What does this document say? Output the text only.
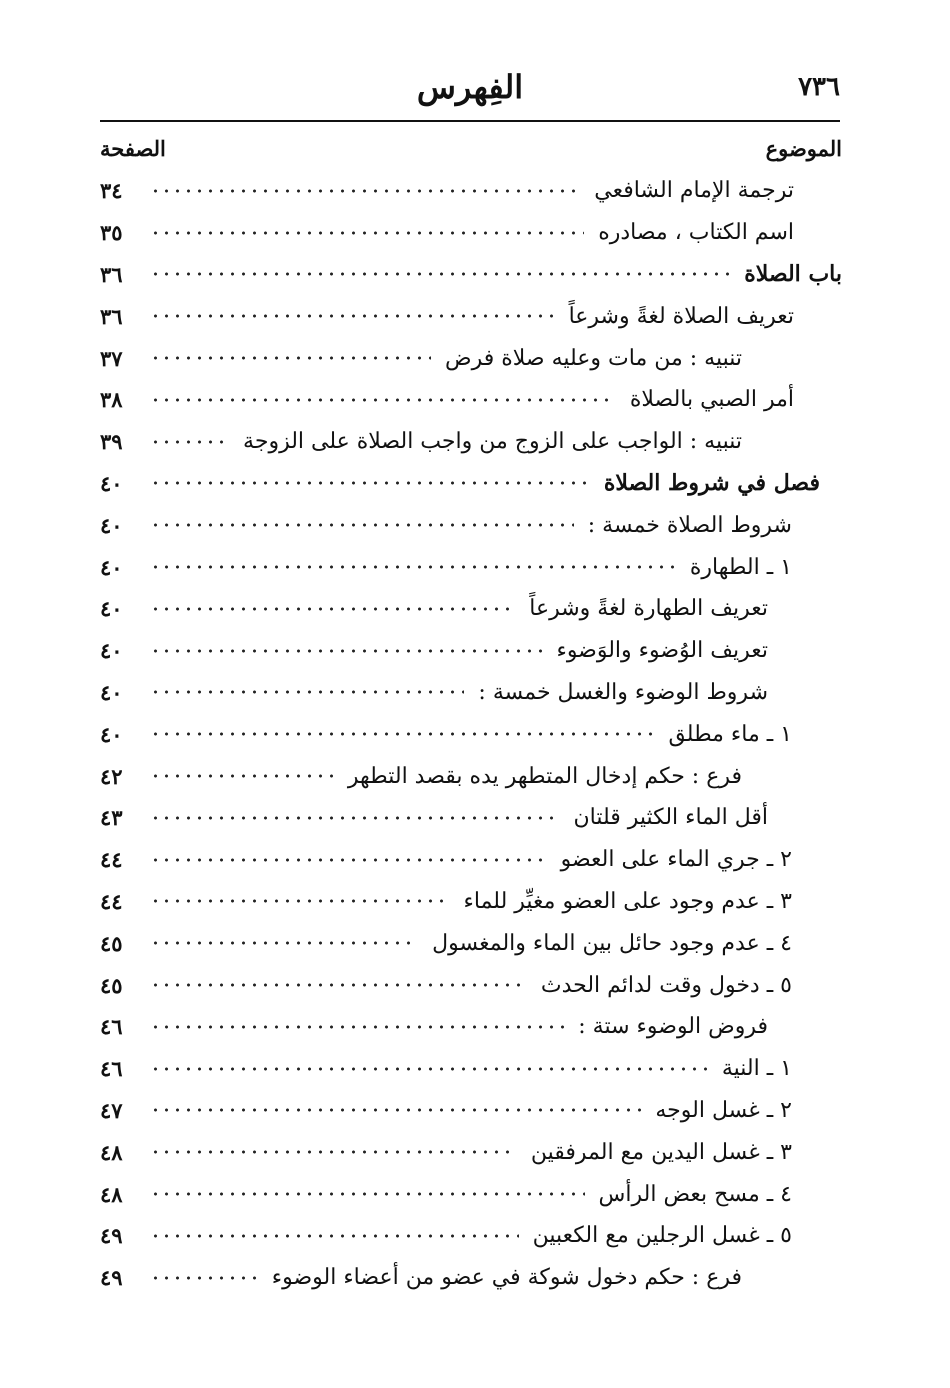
٧٣٦
الفِهرس
الموضوع
الصفحة
ترجمة الإمام الشافعي
٣٤
اسم الكتاب ، مصادره
٣٥
باب الصلاة
٣٦
تعريف الصلاة لغةً وشرعاً
٣٦
تنبيه : من مات وعليه صلاة فرض
٣٧
أمر الصبي بالصلاة
٣٨
تنبيه : الواجب على الزوج من واجب الصلاة على الزوجة
٣٩
فصل في شروط الصلاة
٤٠
شروط الصلاة خمسة :
٤٠
١ ـ الطهارة
٤٠
تعريف الطهارة لغةً وشرعاً
٤٠
تعريف الوُضوء والوَضوء
٤٠
شروط الوضوء والغسل خمسة :
٤٠
١ ـ ماء مطلق
٤٠
فرع : حكم إدخال المتطهر يده بقصد التطهر
٤٢
أقل الماء الكثير قلتان
٤٣
٢ ـ جري الماء على العضو
٤٤
٣ ـ عدم وجود على العضو مغيِّر للماء
٤٤
٤ ـ عدم وجود حائل بين الماء والمغسول
٤٥
٥ ـ دخول وقت لدائم الحدث
٤٥
فروض الوضوء ستة :
٤٦
١ ـ النية
٤٦
٢ ـ غسل الوجه
٤٧
٣ ـ غسل اليدين مع المرفقين
٤٨
٤ ـ مسح بعض الرأس
٤٨
٥ ـ غسل الرجلين مع الكعبين
٤٩
فرع : حكم دخول شوكة في عضو من أعضاء الوضوء
٤٩
